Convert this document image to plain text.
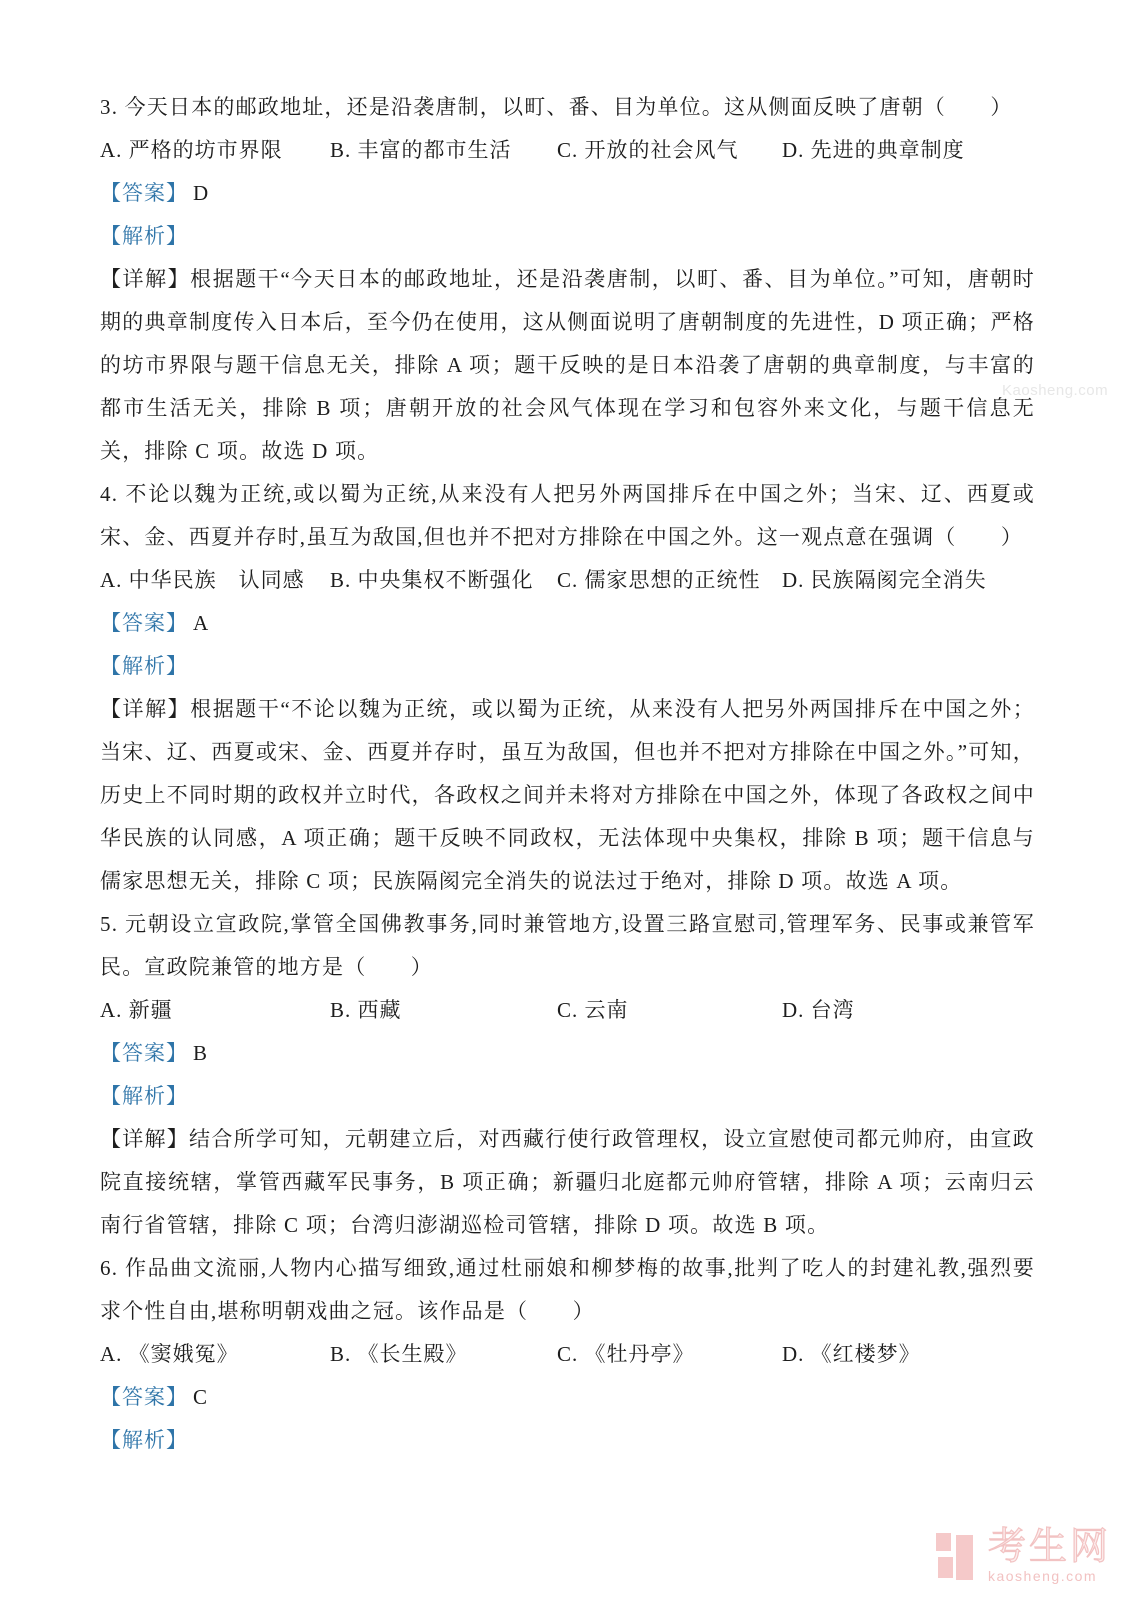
3. 今天日本的邮政地址，还是沿袭唐制，以町、番、目为单位。这从侧面反映了唐朝（　　）

A. 严格的坊市界限	B. 丰富的都市生活	C. 开放的社会风气	D. 先进的典章制度

【答案】 D

【解析】

【详解】根据题干“今天日本的邮政地址，还是沿袭唐制，以町、番、目为单位。”可知，唐朝时期的典章制度传入日本后，至今仍在使用，这从侧面说明了唐朝制度的先进性，D 项正确；严格的坊市界限与题干信息无关，排除 A 项；题干反映的是日本沿袭了唐朝的典章制度，与丰富的都市生活无关，排除 B 项；唐朝开放的社会风气体现在学习和包容外来文化，与题干信息无关，排除 C 项。故选 D 项。

4. 不论以魏为正统,或以蜀为正统,从来没有人把另外两国排斥在中国之外；当宋、辽、西夏或宋、金、西夏并存时,虽互为敌国,但也并不把对方排除在中国之外。这一观点意在强调（　　）

A. 中华民族　认同感	B. 中央集权不断强化	C. 儒家思想的正统性	D. 民族隔阂完全消失

【答案】 A

【解析】

【详解】根据题干“不论以魏为正统，或以蜀为正统，从来没有人把另外两国排斥在中国之外；当宋、辽、西夏或宋、金、西夏并存时，虽互为敌国，但也并不把对方排除在中国之外。”可知，历史上不同时期的政权并立时代，各政权之间并未将对方排除在中国之外，体现了各政权之间中华民族的认同感，A 项正确；题干反映不同政权，无法体现中央集权，排除 B 项；题干信息与儒家思想无关，排除 C 项；民族隔阂完全消失的说法过于绝对，排除 D 项。故选 A 项。

5. 元朝设立宣政院,掌管全国佛教事务,同时兼管地方,设置三路宣慰司,管理军务、民事或兼管军民。宣政院兼管的地方是（　　）

A. 新疆	B. 西藏	C. 云南	D. 台湾

【答案】 B

【解析】

【详解】结合所学可知，元朝建立后，对西藏行使行政管理权，设立宣慰使司都元帅府，由宣政院直接统辖，掌管西藏军民事务，B 项正确；新疆归北庭都元帅府管辖，排除 A 项；云南归云南行省管辖，排除 C 项；台湾归澎湖巡检司管辖，排除 D 项。故选 B 项。

6. 作品曲文流丽,人物内心描写细致,通过杜丽娘和柳梦梅的故事,批判了吃人的封建礼教,强烈要求个性自由,堪称明朝戏曲之冠。该作品是（　　）

A. 《窦娥冤》	B. 《长生殿》	C. 《牡丹亭》	D. 《红楼梦》

【答案】 C

【解析】

Kaosheng.com
考生网
kaosheng.com
